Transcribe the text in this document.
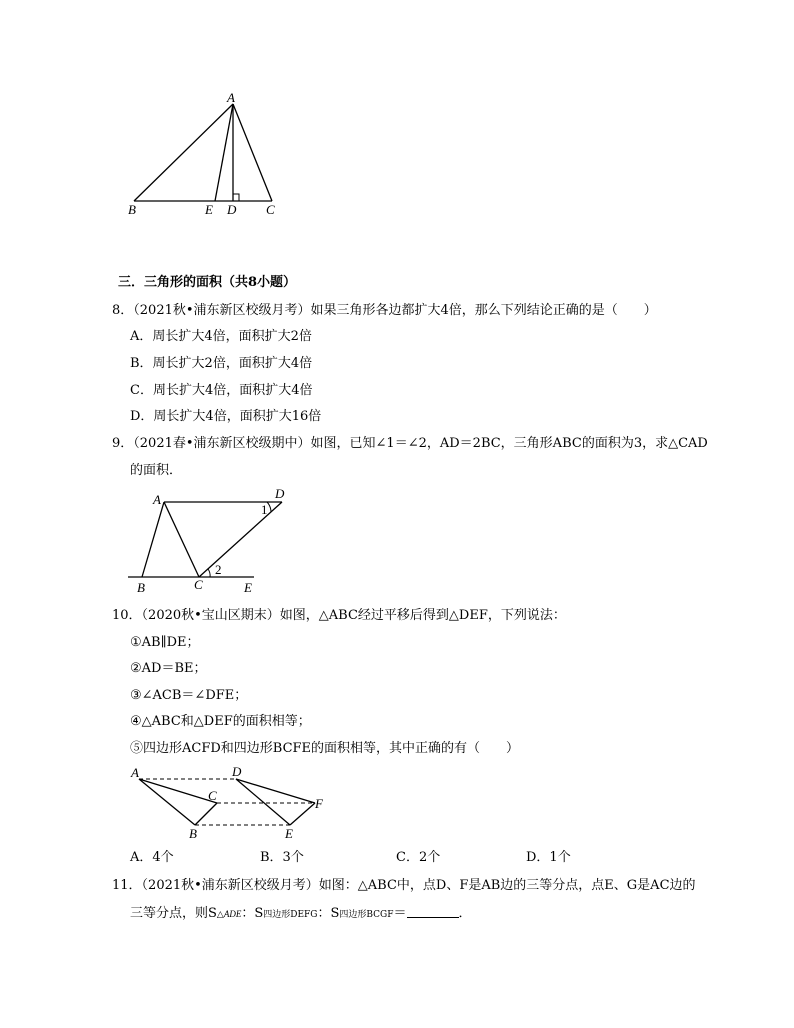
A
B	E D C
三．三角形的面积（共8小题）
8．（2021秋•浦东新区校级月考）如果三角形各边都扩大4倍，那么下列结论正确的是（　　）
A．周长扩大4倍，面积扩大2倍
B．周长扩大2倍，面积扩大4倍
C．周长扩大4倍，面积扩大4倍
D．周长扩大4倍，面积扩大16倍
9．（2021春•浦东新区校级期中）如图，已知∠1＝∠2，AD＝2BC，三角形ABC的面积为3，求△CAD
的面积．
A	D
B	C	E
1
2
10．（2020秋•宝山区期末）如图，△ABC经过平移后得到△DEF，下列说法：
①AB∥DE；
②AD＝BE；
③∠ACB＝∠DFE；
④△ABC和△DEF的面积相等；
⑤四边形ACFD和四边形BCFE的面积相等，其中正确的有（　　）
A	D
C
F
B	E
A．4个	B．3个	C．2个	D．1个
11．（2021秋•浦东新区校级月考）如图：△ABC中，点D、F是AB边的三等分点，点E、G是AC边的
三等分点，则S△ADE：S四边形DEFG：S四边形BCGF＝	．
